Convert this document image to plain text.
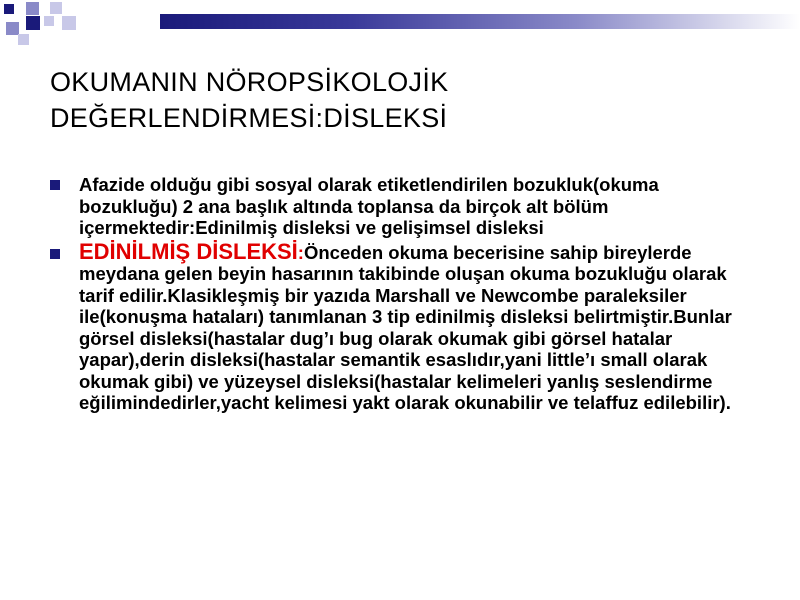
OKUMANIN NÖROPSİKOLOJİK
DEĞERLENDİRMESİ:DİSLEKSİ
Afazide olduğu gibi sosyal olarak etiketlendirilen bozukluk(okuma bozukluğu) 2 ana başlık altında toplansa da birçok alt bölüm içermektedir:Edinilmiş disleksi ve gelişimsel disleksi
EDİNİLMİŞ DİSLEKSİ:Önceden okuma becerisine sahip bireylerde meydana gelen beyin hasarının takibinde oluşan okuma bozukluğu olarak tarif edilir.Klasikleşmiş bir yazıda Marshall ve Newcombe paraleksiler ile(konuşma hataları) tanımlanan 3 tip edinilmiş disleksi belirtmiştir.Bunlar görsel disleksi(hastalar dug’ı bug olarak okumak gibi görsel hatalar yapar),derin disleksi(hastalar semantik esaslıdır,yani little’ı small olarak okumak gibi) ve yüzeysel disleksi(hastalar kelimeleri yanlış seslendirme eğilimindedirler,yacht kelimesi yakt olarak okunabilir ve telaffuz edilebilir).
